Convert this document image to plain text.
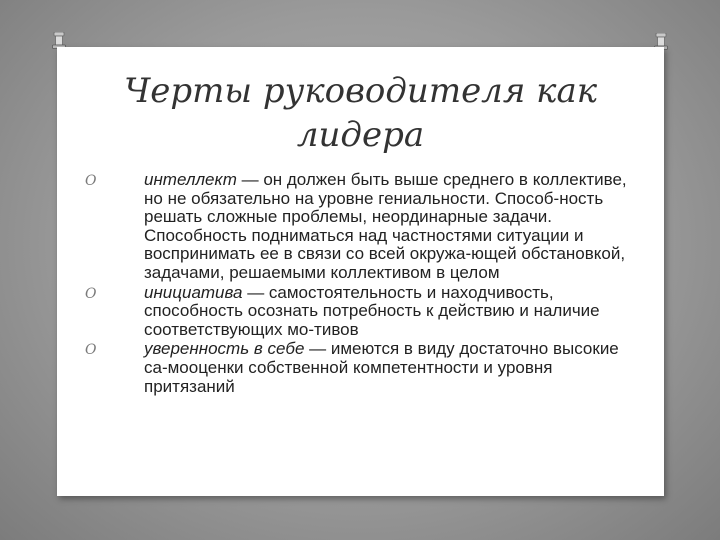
Черты руководителя как
лидера
O	интеллект — он должен быть выше среднего в коллективе, но не обязательно на уровне гениальности. Способ-ность решать сложные проблемы, неординарные задачи. Способность подниматься над частностями ситуации и воспринимать ее в связи со всей окружа-ющей обстановкой, задачами, решаемыми коллективом в целом
O	инициатива — самостоятельность и находчивость, способность осознать потребность к действию и наличие соответствующих мо-тивов
O	уверенность в себе — имеются в виду достаточно высокие са-мооценки собственной компетентности и уровня притязаний
